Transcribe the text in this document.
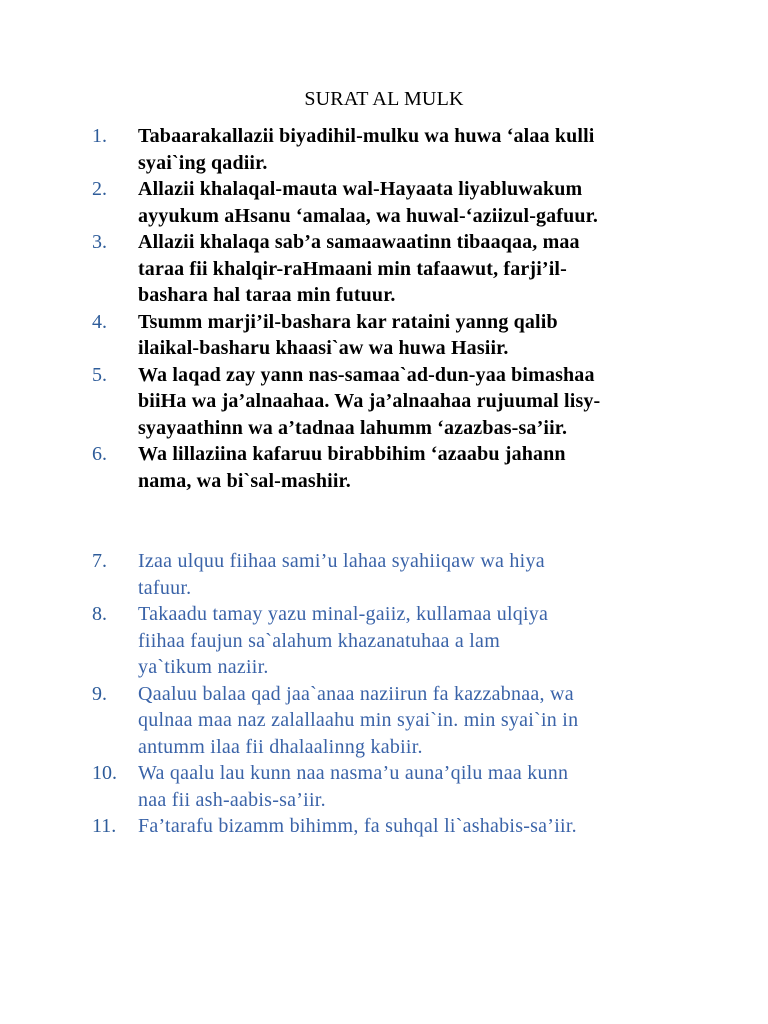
SURAT AL MULK
1.	Tabaarakallazii biyadihil-mulku wa huwa ‘alaa kulli
syai`ing qadiir.
2.	Allazii khalaqal-mauta wal-Hayaata liyabluwakum
ayyukum aHsanu ‘amalaa, wa huwal-‘aziizul-gafuur.
3.	Allazii khalaqa sab’a samaawaatinn tibaaqaa, maa
taraa fii khalqir-raHmaani min tafaawut, farji’il-
bashara hal taraa min futuur.
4.	Tsumm marji’il-bashara kar rataini yanng qalib
ilaikal-basharu khaasi`aw wa huwa Hasiir.
5.	Wa laqad zay yann nas-samaa`ad-dun-yaa bimashaa
biiHa wa ja’alnaahaa. Wa ja’alnaahaa rujuumal lisy-
syayaathinn wa a’tadnaa lahumm ‘azazbas-sa’iir.
6.	Wa lillaziina kafaruu birabbihim ‘azaabu jahann
nama, wa bi`sal-mashiir.
7.	Izaa ulquu fiihaa sami’u lahaa syahiiqaw wa hiya
tafuur.
8.	Takaadu tamay yazu minal-gaiiz, kullamaa ulqiya
fiihaa faujun sa`alahum khazanatuhaa a lam
ya`tikum naziir.
9.	Qaaluu balaa qad jaa`anaa naziirun fa kazzabnaa, wa
qulnaa maa naz zalallaahu min syai`in. min syai`in in
antumm ilaa fii dhalaalinng kabiir.
10.	Wa qaalu lau kunn naa nasma’u auna’qilu maa kunn
naa fii ash-aabis-sa’iir.
11.	Fa’tarafu bizamm bihimm, fa suhqal li`ashabis-sa’iir.
